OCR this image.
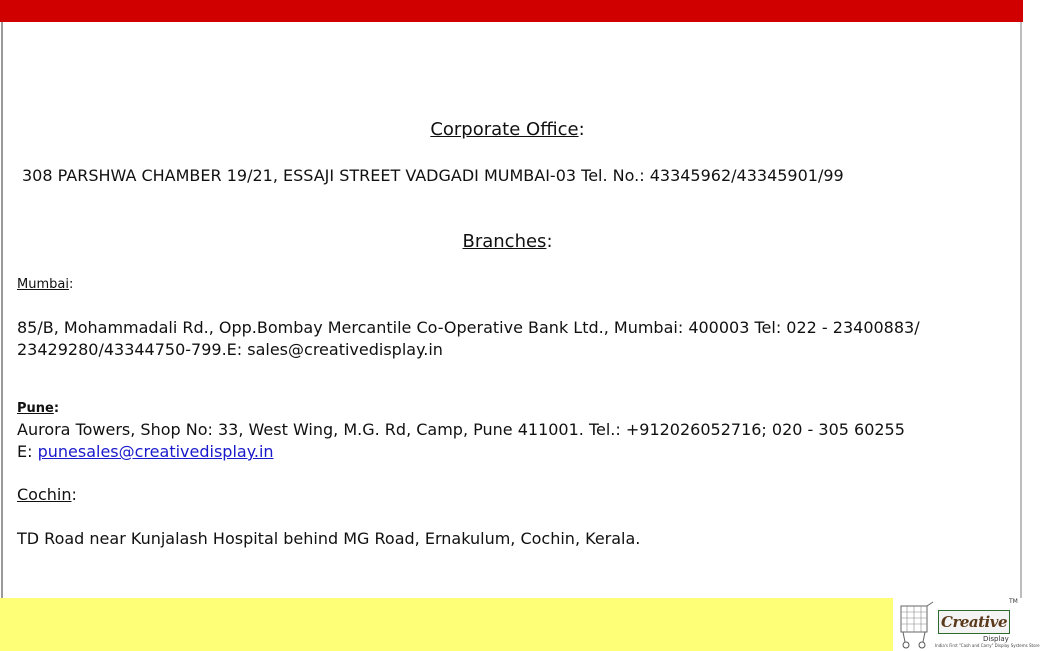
Corporate Office:
308 PARSHWA CHAMBER 19/21, ESSAJI STREET VADGADI MUMBAI-03 Tel. No.: 43345962/43345901/99
Branches:
Mumbai:
85/B, Mohammadali Rd., Opp.Bombay Mercantile Co-Operative Bank Ltd., Mumbai: 400003 Tel: 022 - 23400883/
23429280/43344750-799.E: sales@creativedisplay.in
Pune:
Aurora Towers, Shop No: 33, West Wing, M.G. Rd, Camp, Pune 411001. Tel.: +912026052716; 020 - 305 60255
E: punesales@creativedisplay.in
Cochin:
TD Road near Kunjalash Hospital behind MG Road, Ernakulum, Cochin, Kerala.
Creative
Display
India's First "Cash and Carry" Display Systems Store
TM
